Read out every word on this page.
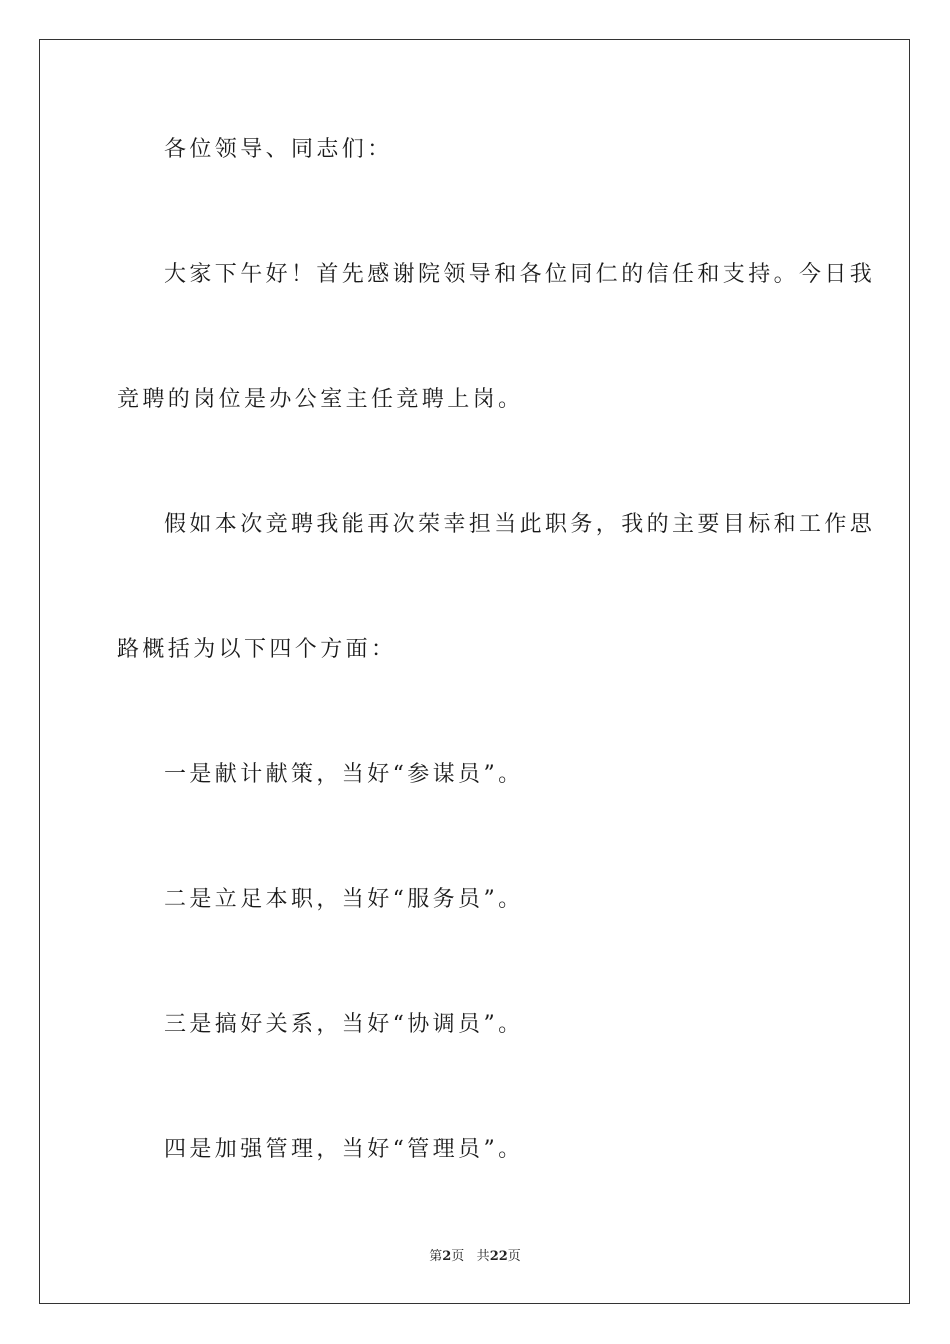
各位领导、同志们：
大家下午好！首先感谢院领导和各位同仁的信任和支持。今日我
竞聘的岗位是办公室主任竞聘上岗。
假如本次竞聘我能再次荣幸担当此职务，我的主要目标和工作思
路概括为以下四个方面：
一是献计献策，当好“参谋员”。
二是立足本职，当好“服务员”。
三是搞好关系，当好“协调员”。
四是加强管理，当好“管理员”。
第2页 共22页
